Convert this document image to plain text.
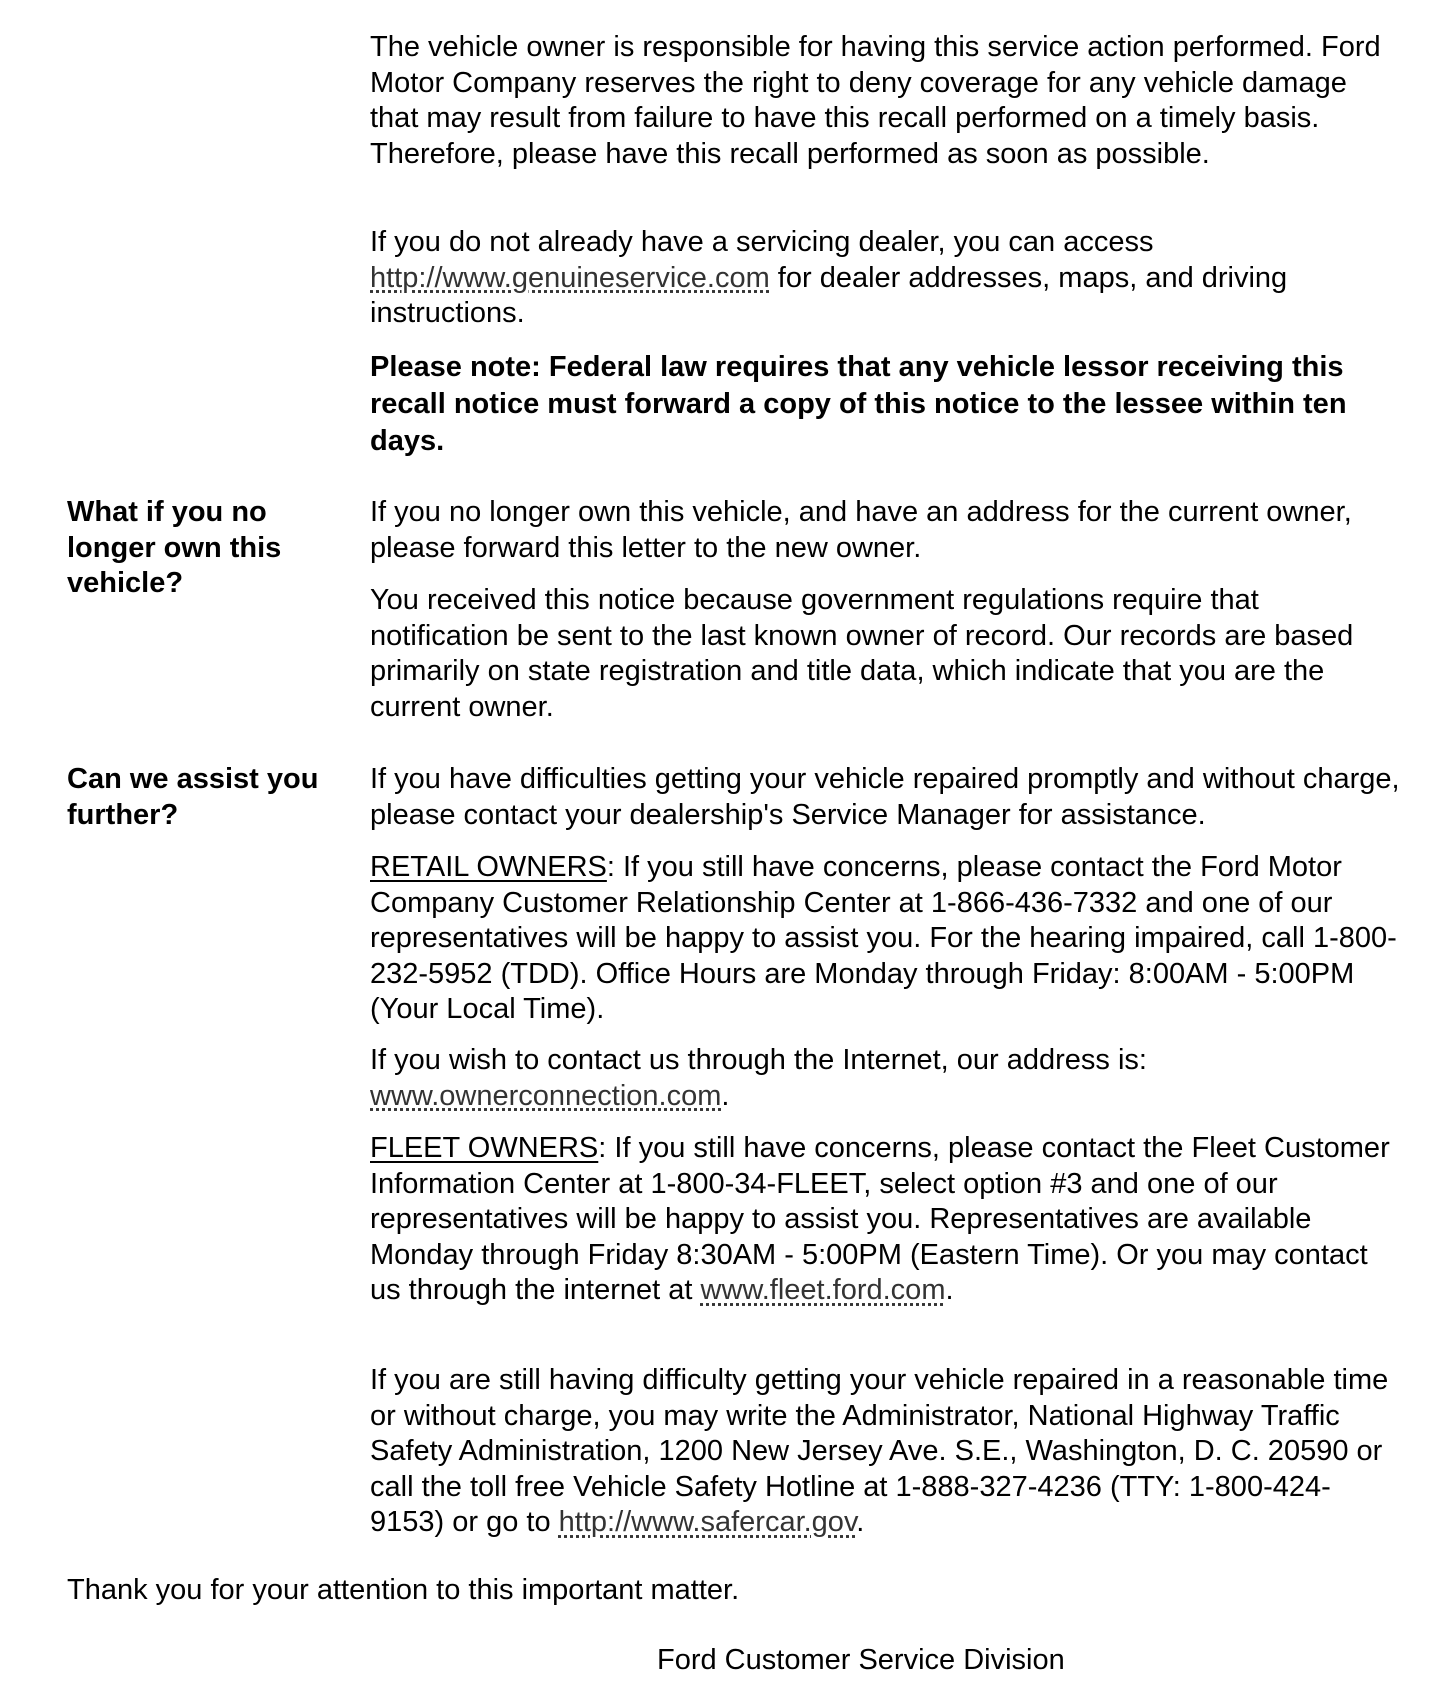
The vehicle owner is responsible for having this service action performed. Ford Motor Company reserves the right to deny coverage for any vehicle damage that may result from failure to have this recall performed on a timely basis. Therefore, please have this recall performed as soon as possible.

If you do not already have a servicing dealer, you can access http://www.genuineservice.com for dealer addresses, maps, and driving instructions.

Please note: Federal law requires that any vehicle lessor receiving this recall notice must forward a copy of this notice to the lessee within ten days.

What if you no longer own this vehicle?

If you no longer own this vehicle, and have an address for the current owner, please forward this letter to the new owner.

You received this notice because government regulations require that notification be sent to the last known owner of record. Our records are based primarily on state registration and title data, which indicate that you are the current owner.

Can we assist you further?

If you have difficulties getting your vehicle repaired promptly and without charge, please contact your dealership's Service Manager for assistance.

RETAIL OWNERS: If you still have concerns, please contact the Ford Motor Company Customer Relationship Center at 1-866-436-7332 and one of our representatives will be happy to assist you. For the hearing impaired, call 1-800-232-5952 (TDD). Office Hours are Monday through Friday: 8:00AM - 5:00PM (Your Local Time).

If you wish to contact us through the Internet, our address is: www.ownerconnection.com.

FLEET OWNERS: If you still have concerns, please contact the Fleet Customer Information Center at 1-800-34-FLEET, select option #3 and one of our representatives will be happy to assist you. Representatives are available Monday through Friday 8:30AM - 5:00PM (Eastern Time). Or you may contact us through the internet at www.fleet.ford.com.

If you are still having difficulty getting your vehicle repaired in a reasonable time or without charge, you may write the Administrator, National Highway Traffic Safety Administration, 1200 New Jersey Ave. S.E., Washington, D. C. 20590 or call the toll free Vehicle Safety Hotline at 1-888-327-4236 (TTY: 1-800-424-9153) or go to http://www.safercar.gov.

Thank you for your attention to this important matter.

Ford Customer Service Division
